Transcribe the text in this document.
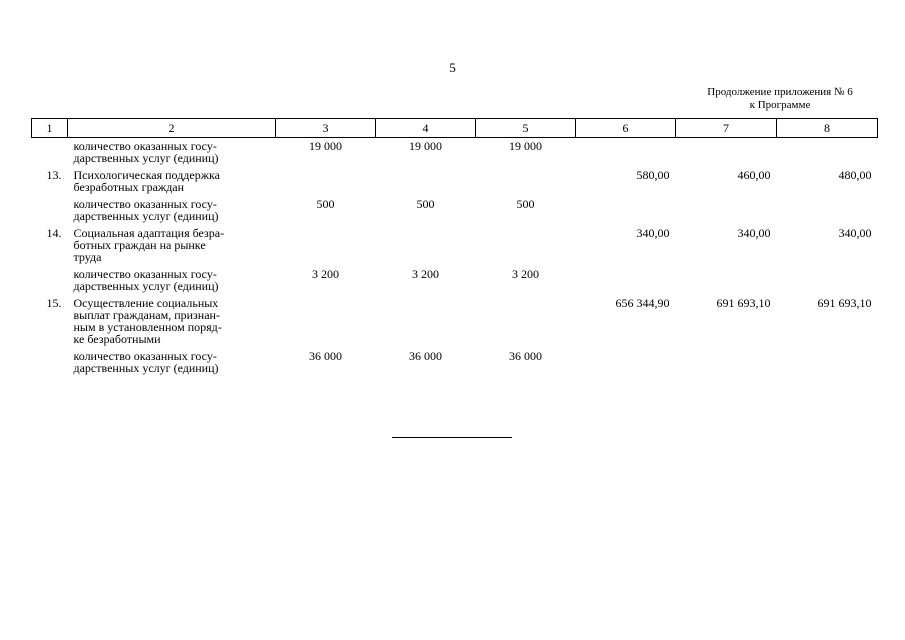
5
Продолжение приложения № 6
к Программе
1	2	3	4	5	6	7	8

	количество оказанных госу-
дарственных услуг (единиц)	19 000	19 000	19 000			
13.	Психологическая поддержка
безработных граждан				580,00	460,00	480,00

	количество оказанных госу-
дарственных услуг (единиц)	500	500	500			
14.	Социальная адаптация безра-
ботных граждан на рынке
труда				340,00	340,00	340,00

	количество оказанных госу-
дарственных услуг (единиц)	3 200	3 200	3 200			
15.	Осуществление социальных
выплат гражданам, признан-
ным в установленном поряд-
ке безработными				656 344,90	691 693,10	691 693,10

	количество оказанных госу-
дарственных услуг (единиц)	36 000	36 000	36 000			
